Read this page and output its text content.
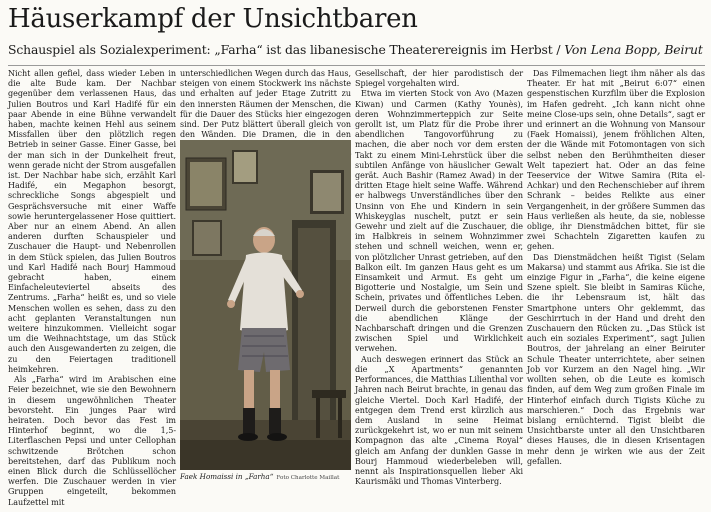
Häuserkampf der Unsichtbaren
Schauspiel als Sozialexperiment: „Farha“ ist das libanesische Theaterereignis im Herbst / Von Lena Bopp, Beirut

Nicht allen gefiel, dass wieder Leben in die alte Bude kam. Der Nachbar gegenüber dem verlassenen Haus, das Julien Boutros und Karl Hadifé für ein paar Abende in eine Bühne verwandelt haben, machte keinen Hehl aus seinem Missfallen über den plötzlich regen Betrieb in seiner Gasse. Einer Gasse, bei der man sich in der Dunkelheit freut, wenn gerade nicht der Strom ausgefallen ist. Der Nachbar habe sich, erzählt Karl Hadifé, ein Megaphon besorgt, schreckliche Songs abgespielt und Gesprächsversuche mit einer Waffe sowie heruntergelassener Hose quittiert. Aber nur an einem Abend. An allen anderen durften Schauspieler und Zuschauer die Haupt- und Nebenrollen in dem Stück spielen, das Julien Boutros und Karl Hadifé nach Bourj Hammoud gebracht haben, einem Einfacheleuteviertel abseits des Zentrums. „Farha“ heißt es, und so viele Menschen wollen es sehen, dass zu den acht geplanten Veranstaltungen nun weitere hinzukommen. Vielleicht sogar um die Weihnachtstage, um das Stück auch den Ausgewanderten zu zeigen, die zu den Feiertagen traditionell heimkehren.

Als „Farha“ wird im Arabischen eine Feier bezeichnet, wie sie den Bewohnern in diesem ungewöhnlichen Theater bevorsteht. Ein junges Paar wird heiraten. Doch bevor das Fest im Hinterhof beginnt, wo die 1,5-Literflaschen Pepsi und unter Cellophan schwitzende Brötchen schon bereitstehen, darf das Publikum noch einen Blick durch die Schlüssellöcher werfen. Die Zuschauer werden in vier Gruppen eingeteilt, bekommen Laufzettel mit

unterschiedlichen Wegen durch das Haus, steigen von einem Stockwerk ins nächste und erhalten auf jeder Etage Zutritt zu den innersten Räumen der Menschen, die für die Dauer des Stücks hier eingezogen sind. Der Putz blättert überall gleich von den Wänden. Die Dramen, die in den

Faek Homaissi in „Farha“ Foto Charlotte Maillat

Gesellschaft, der hier parodistisch der Spiegel vorgehalten wird.

Etwa im vierten Stock von Avo (Mazen Kiwan) und Carmen (Kathy Younès), deren Wohnzimmerteppich zur Seite gerollt ist, um Platz für die Probe ihrer abendlichen Tangovorführung zu machen, die aber noch vor dem ersten Takt zu einem Mini-Lehrstück über die subtilen Anfänge von häuslicher Gewalt gerät. Auch Bashir (Ramez Awad) in der dritten Etage hielt seine Waffe. Während er halbwegs Unverständliches über den Unsinn von Ehe und Kindern in sein Whiskeyglas nuschelt, putzt er sein Gewehr und zielt auf die Zuschauer, die im Halbkreis in seinem Wohnzimmer stehen und schnell weichen, wenn er, von plötzlicher Unrast getrieben, auf den Balkon eilt. Im ganzen Haus geht es um Einsamkeit und Armut. Es geht um Bigotterie und Nostalgie, um Sein und Schein, privates und öffentliches Leben. Derweil durch die geborstenen Fenster die abendlichen Klänge der Nachbarschaft dringen und die Grenzen zwischen Spiel und Wirklichkeit verwehen.

Auch deswegen erinnert das Stück an die „X Apartments“ genannten Performances, die Matthias Lilienthal vor Jahren nach Beirut brachte, in genau das gleiche Viertel. Doch Karl Hadifé, der entgegen dem Trend erst kürzlich aus dem Ausland in seine Heimat zurückgekehrt ist, wo er nun mit seinem Kompagnon das alte „Cinema Royal“ gleich am Anfang der dunklen Gasse in Bourj Hammoud wiederbeleben will, nennt als Inspirationsquellen lieber Aki Kaurismäki und Thomas Vinterberg.

Das Filmemachen liegt ihm näher als das Theater. Er hat mit „Beirut 6:07“ einen gespenstischen Kurzfilm über die Explosion im Hafen gedreht. „Ich kann nicht ohne meine Close-ups sein, ohne Details“, sagt er und erinnert an die Wohnung von Mansour (Faek Homaissi), jenem fröhlichen Alten, der die Wände mit Fotomontagen von sich selbst neben den Berühmtheiten dieser Welt tapeziert hat. Oder an das feine Teeservice der Witwe Samira (Rita el-Achkar) und den Rechenschieber auf ihrem Schrank – beides Relikte aus einer Vergangenheit, in der größere Summen das Haus verließen als heute, da sie, noblesse oblige, ihr Dienstmädchen bittet, für sie zwei Schachteln Zigaretten kaufen zu gehen.

Das Dienstmädchen heißt Tigist (Selam Makarsa) und stammt aus Afrika. Sie ist die einzige Figur in „Farha“, die keine eigene Szene spielt. Sie bleibt in Samiras Küche, die ihr Lebensraum ist, hält das Smartphone unters Ohr geklemmt, das Geschirrtuch in der Hand und dreht den Zuschauern den Rücken zu. „Das Stück ist auch ein soziales Experiment“, sagt Julien Boutros, der jahrelang an einer Beiruter Schule Theater unterrichtete, aber seinen Job vor Kurzem an den Nagel hing. „Wir wollten sehen, ob die Leute es komisch finden, auf dem Weg zum großen Finale im Hinterhof einfach durch Tigists Küche zu marschieren.“ Doch das Ergebnis war bislang ernüchternd. Tigist bleibt die Unsichtbarste unter all den Unsichtbaren dieses Hauses, die in diesen Krisentagen mehr denn je wirken wie aus der Zeit gefallen.
